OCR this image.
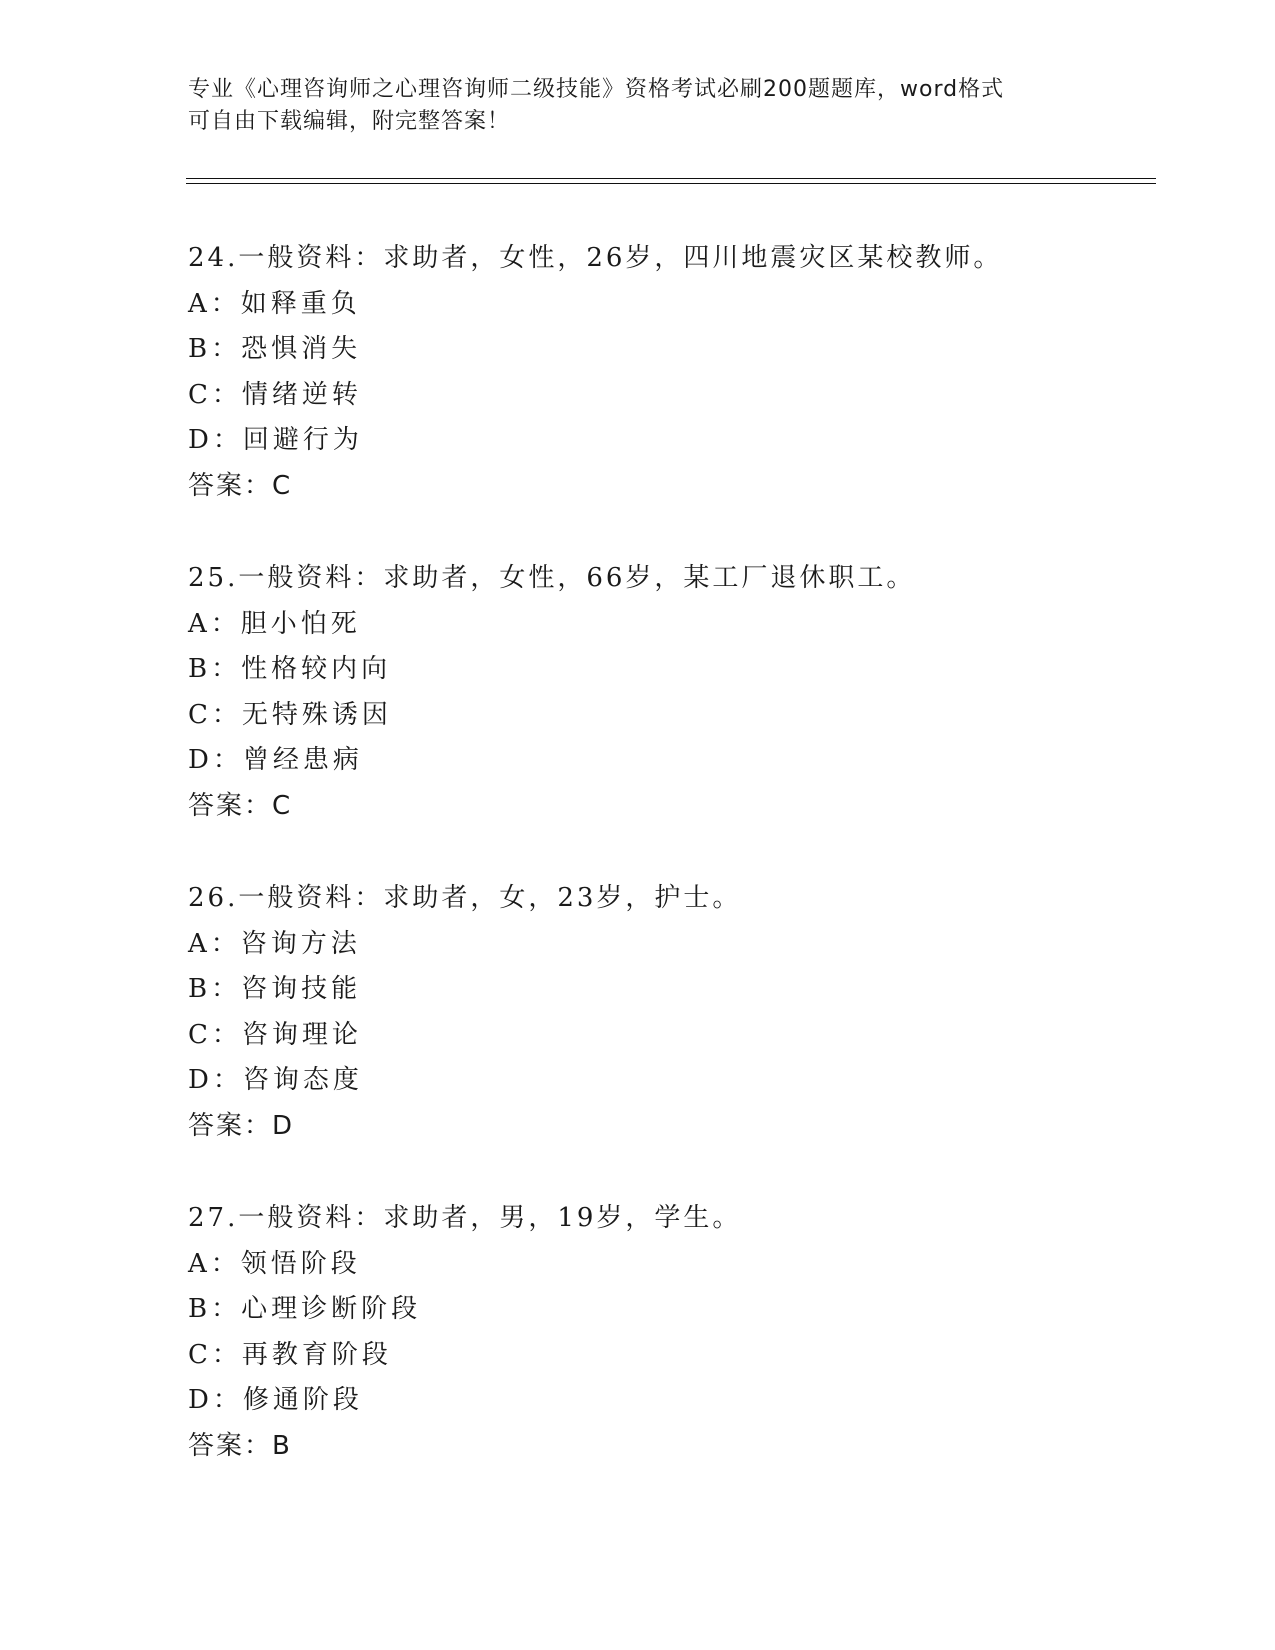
专业《心理咨询师之心理咨询师二级技能》资格考试必刷200题题库，word格式
可自由下载编辑，附完整答案！
24.一般资料：求助者，女性，26岁，四川地震灾区某校教师。
A：如释重负
B：恐惧消失
C：情绪逆转
D：回避行为
答案：C
25.一般资料：求助者，女性，66岁，某工厂退休职工。
A：胆小怕死
B：性格较内向
C：无特殊诱因
D：曾经患病
答案：C
26.一般资料：求助者，女，23岁，护士。
A：咨询方法
B：咨询技能
C：咨询理论
D：咨询态度
答案：D
27.一般资料：求助者，男，19岁，学生。
A：领悟阶段
B：心理诊断阶段
C：再教育阶段
D：修通阶段
答案：B
